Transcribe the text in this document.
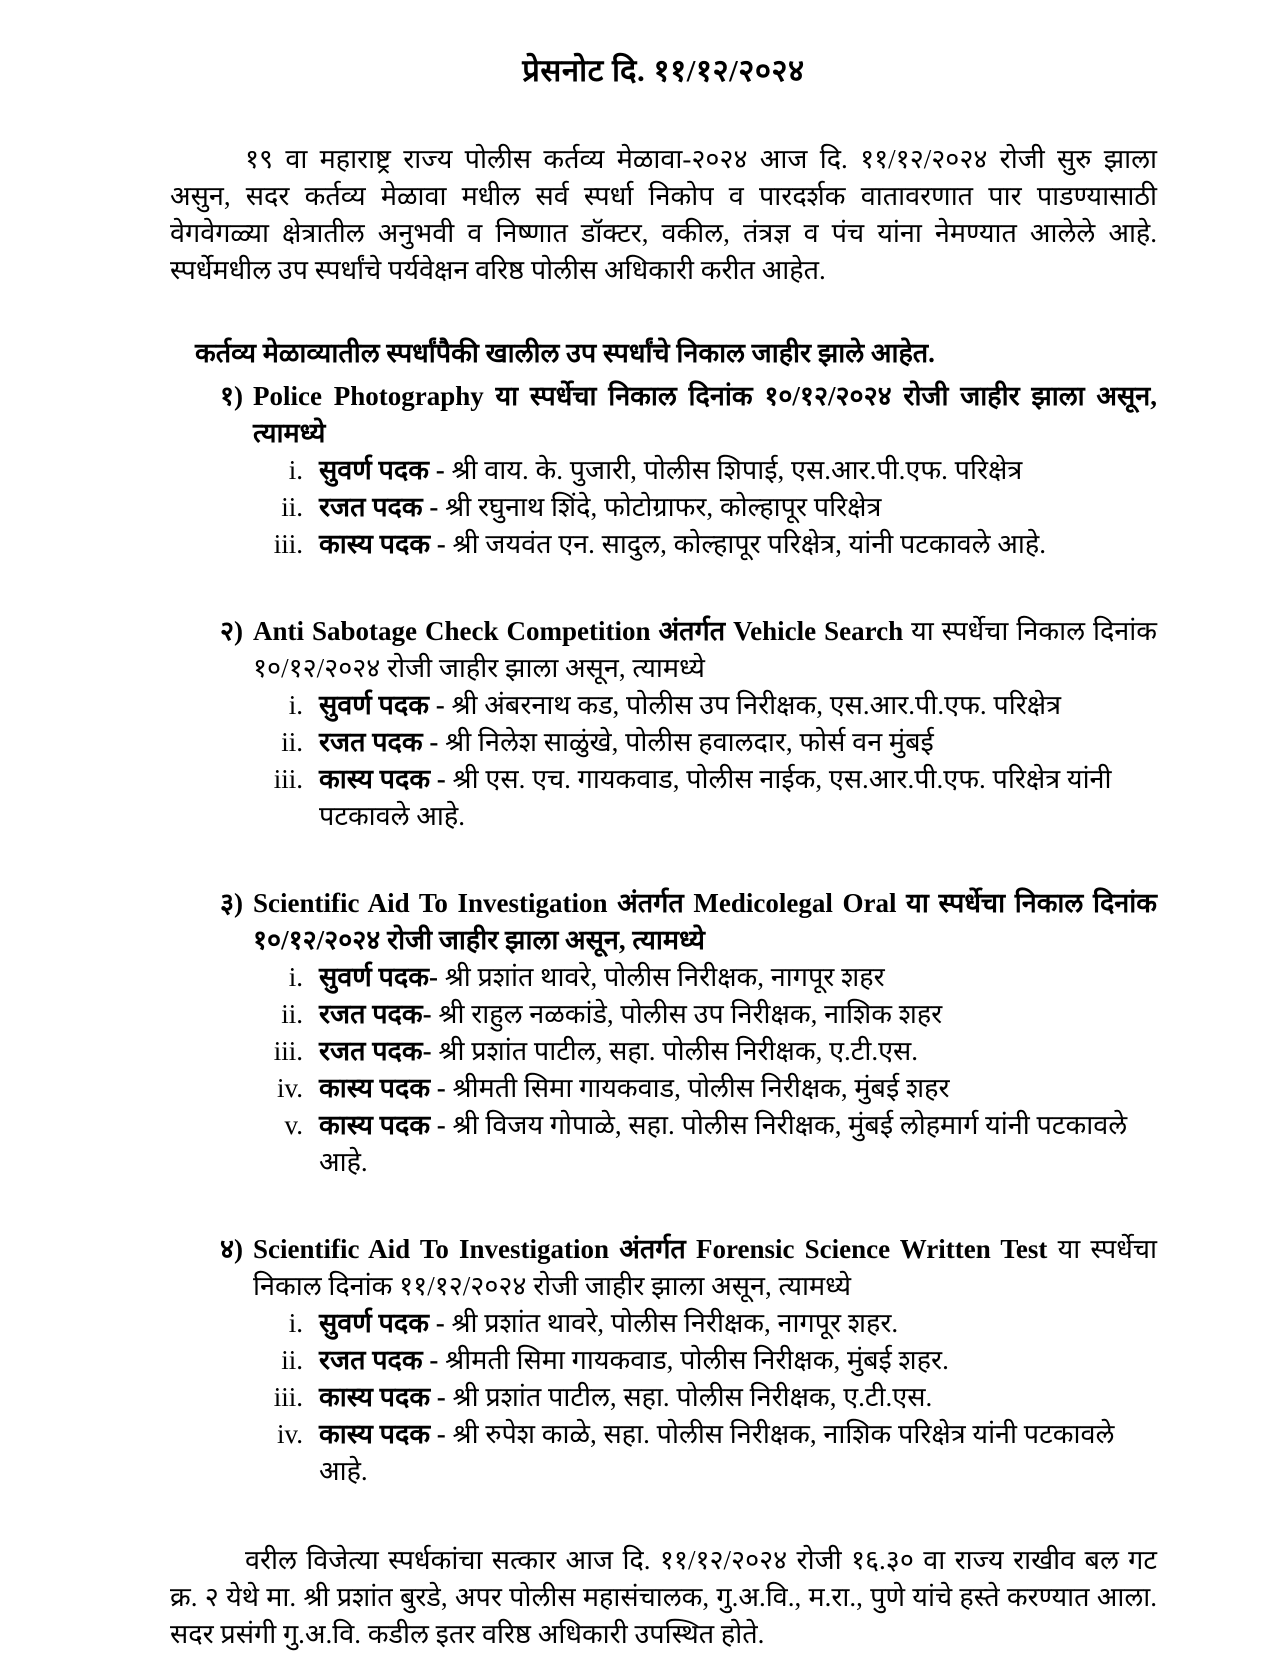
प्रेसनोट दि. ११/१२/२०२४

१९ वा महाराष्ट्र राज्य पोलीस कर्तव्य मेळावा-२०२४ आज दि. ११/१२/२०२४ रोजी सुरु झाला असुन, सदर कर्तव्य मेळावा मधील सर्व स्पर्धा निकोप व पारदर्शक वातावरणात पार पाडण्यासाठी वेगवेगळ्या क्षेत्रातील अनुभवी व निष्णात डॉक्टर, वकील, तंत्रज्ञ व पंच यांना नेमण्यात आलेले आहे. स्पर्धेमधील उप स्पर्धांचे पर्यवेक्षन वरिष्ठ पोलीस अधिकारी करीत आहेत.

कर्तव्य मेळाव्यातील स्पर्धांपैकी खालील उप स्पर्धांचे निकाल जाहीर झाले आहेत.

१) Police Photography या स्पर्धेचा निकाल दिनांक १०/१२/२०२४ रोजी जाहीर झाला असून, त्यामध्ये

i. सुवर्ण पदक - श्री वाय. के. पुजारी, पोलीस शिपाई, एस.आर.पी.एफ. परिक्षेत्र
ii. रजत पदक - श्री रघुनाथ शिंदे, फोटोग्राफर, कोल्हापूर परिक्षेत्र
iii. कास्य पदक - श्री जयवंत एन. सादुल, कोल्हापूर परिक्षेत्र, यांनी पटकावले आहे.
२) Anti Sabotage Check Competition अंतर्गत Vehicle Search या स्पर्धेचा निकाल दिनांक १०/१२/२०२४ रोजी जाहीर झाला असून, त्यामध्ये

i. सुवर्ण पदक - श्री अंबरनाथ कड, पोलीस उप निरीक्षक, एस.आर.पी.एफ. परिक्षेत्र
ii. रजत पदक - श्री निलेश साळुंखे, पोलीस हवालदार, फोर्स वन मुंबई
iii. कास्य पदक - श्री एस. एच. गायकवाड, पोलीस नाईक, एस.आर.पी.एफ. परिक्षेत्र यांनी पटकावले आहे.
३) Scientific Aid To Investigation अंतर्गत Medicolegal Oral या स्पर्धेचा निकाल दिनांक १०/१२/२०२४ रोजी जाहीर झाला असून, त्यामध्ये

i. सुवर्ण पदक- श्री प्रशांत थावरे, पोलीस निरीक्षक, नागपूर शहर
ii. रजत पदक- श्री राहुल नळकांडे, पोलीस उप निरीक्षक, नाशिक शहर
iii. रजत पदक- श्री प्रशांत पाटील, सहा. पोलीस निरीक्षक, ए.टी.एस.
iv. कास्य पदक - श्रीमती सिमा गायकवाड, पोलीस निरीक्षक, मुंबई शहर
v. कास्य पदक - श्री विजय गोपाळे, सहा. पोलीस निरीक्षक, मुंबई लोहमार्ग यांनी पटकावले आहे.
४) Scientific Aid To Investigation अंतर्गत Forensic Science Written Test या स्पर्धेचा निकाल दिनांक ११/१२/२०२४ रोजी जाहीर झाला असून, त्यामध्ये

i. सुवर्ण पदक - श्री प्रशांत थावरे, पोलीस निरीक्षक, नागपूर शहर.
ii. रजत पदक - श्रीमती सिमा गायकवाड, पोलीस निरीक्षक, मुंबई शहर.
iii. कास्य पदक - श्री प्रशांत पाटील, सहा. पोलीस निरीक्षक, ए.टी.एस.
iv. कास्य पदक - श्री रुपेश काळे, सहा. पोलीस निरीक्षक, नाशिक परिक्षेत्र यांनी पटकावले आहे.

वरील विजेत्या स्पर्धकांचा सत्कार आज दि. ११/१२/२०२४ रोजी १६.३० वा राज्य राखीव बल गट क्र. २ येथे मा. श्री प्रशांत बुरडे, अपर पोलीस महासंचालक, गु.अ.वि., म.रा., पुणे यांचे हस्ते करण्यात आला. सदर प्रसंगी गु.अ.वि. कडील इतर वरिष्ठ अधिकारी उपस्थित होते.
